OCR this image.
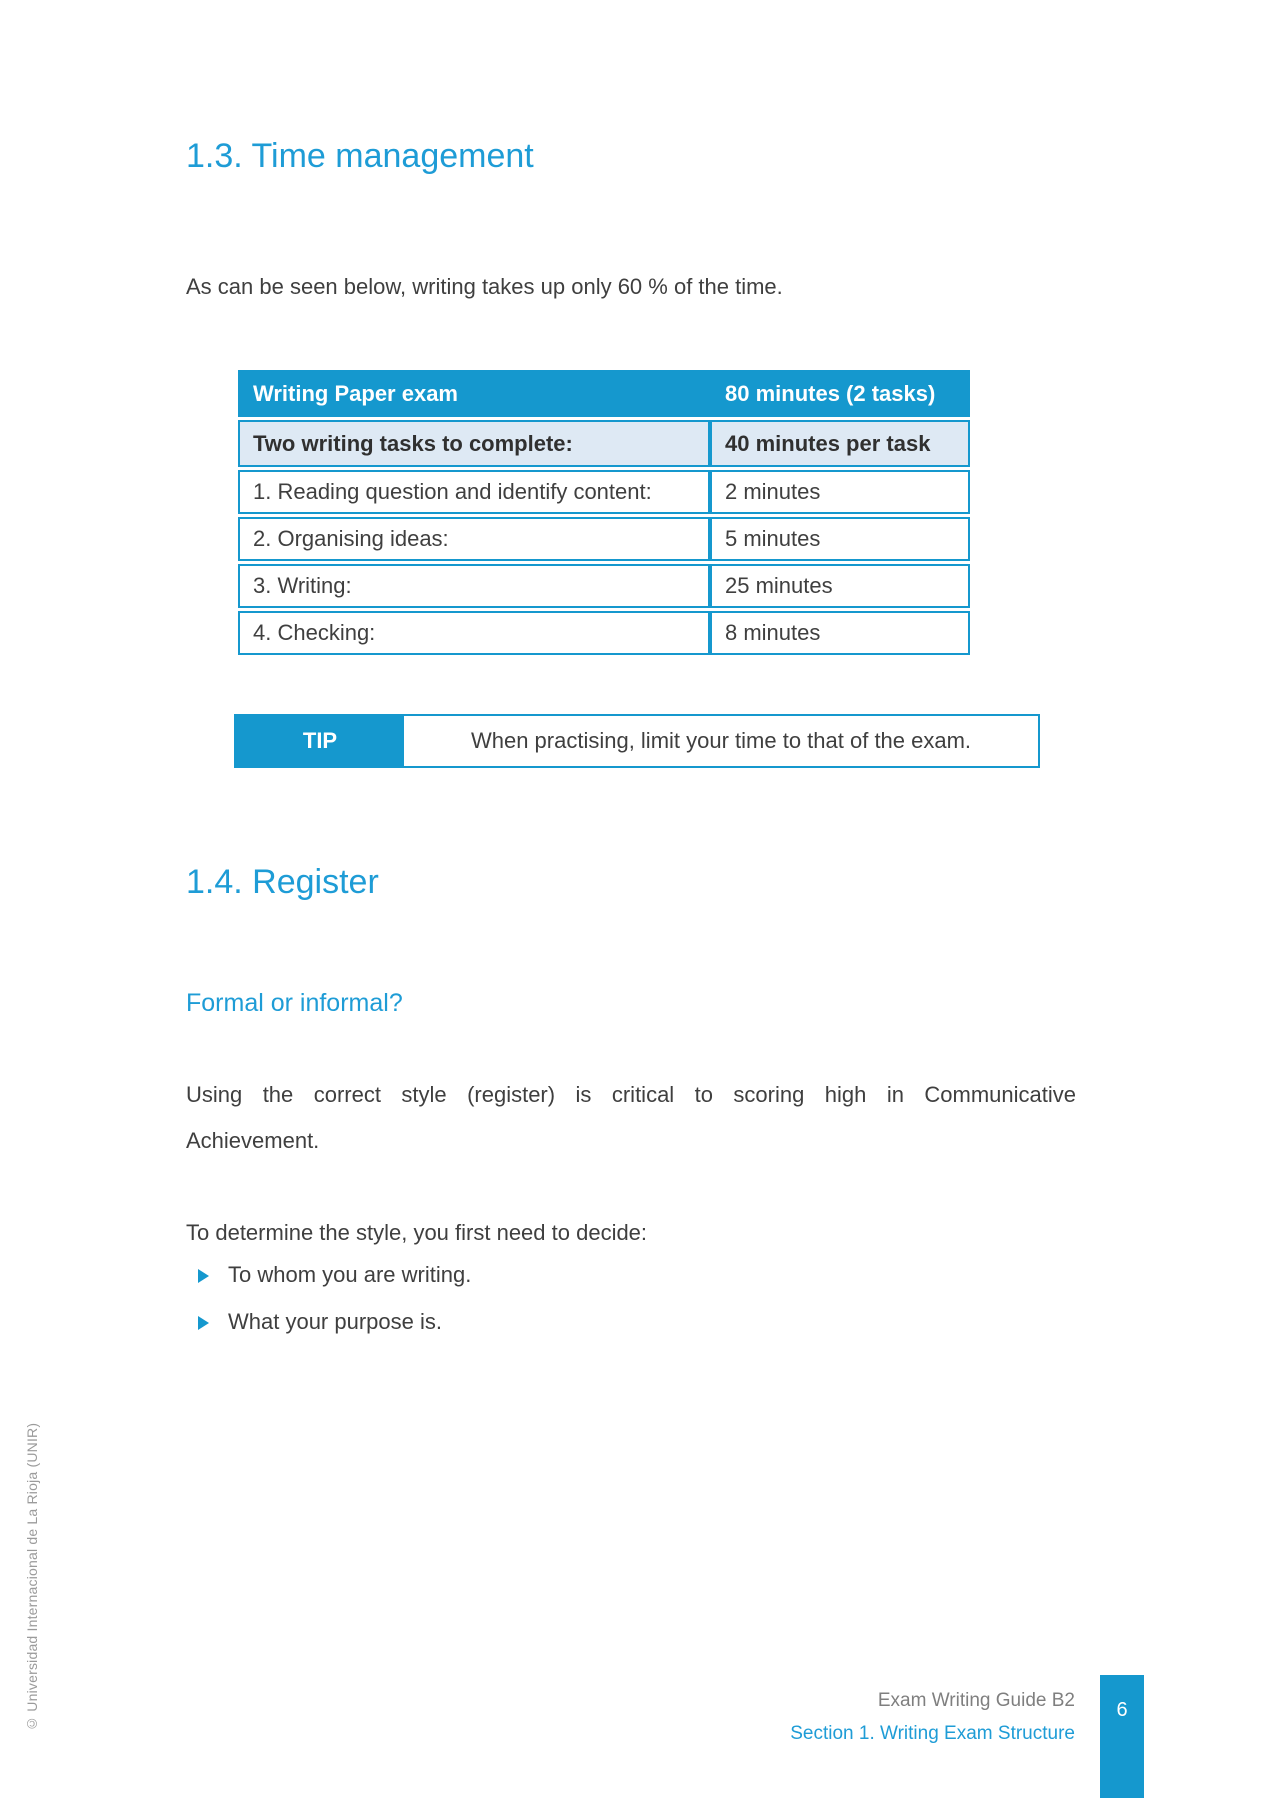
1.3. Time management
As can be seen below, writing takes up only 60 % of the time.
Writing Paper exam	80 minutes (2 tasks)
Two writing tasks to complete:	40 minutes per task
1. Reading question and identify content:	2 minutes
2. Organising ideas:	5 minutes
3. Writing:	25 minutes
4. Checking:	8 minutes
TIP	When practising, limit your time to that of the exam.
1.4. Register
Formal or informal?
Using the correct style (register) is critical to scoring high in Communicative
Achievement.
To determine the style, you first need to decide:
To whom you are writing.
What your purpose is.
Exam Writing Guide B2
Section 1. Writing Exam Structure
6
© Universidad Internacional de La Rioja (UNIR)
